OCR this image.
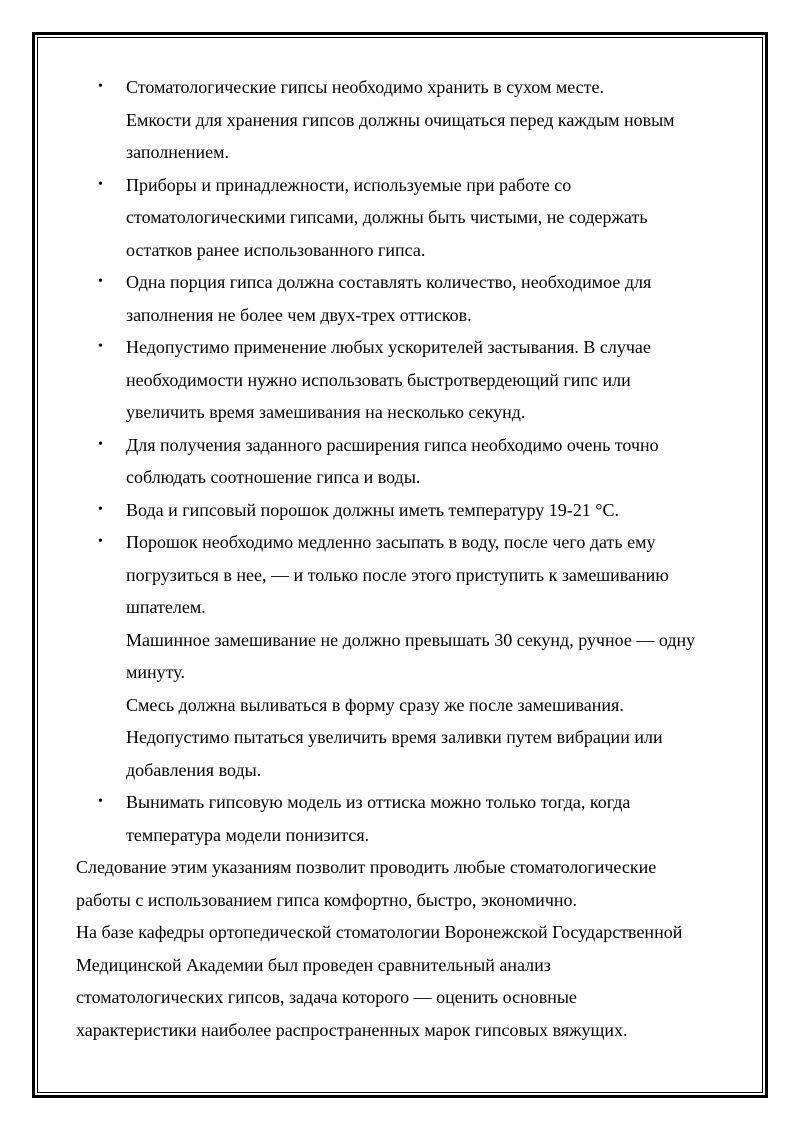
• Стоматологические гипсы необходимо хранить в сухом месте.
Емкости для хранения гипсов должны очищаться перед каждым новым
заполнением.
• Приборы и принадлежности, используемые при работе со
стоматологическими гипсами, должны быть чистыми, не содержать
остатков ранее использованного гипса.
• Одна порция гипса должна составлять количество, необходимое для
заполнения не более чем двух-трех оттисков.
• Недопустимо применение любых ускорителей застывания. В случае
необходимости нужно использовать быстротвердеющий гипс или
увеличить время замешивания на несколько секунд.
• Для получения заданного расширения гипса необходимо очень точно
соблюдать соотношение гипса и воды.
• Вода и гипсовый порошок должны иметь температуру 19-21 °С.
• Порошок необходимо медленно засыпать в воду, после чего дать ему
погрузиться в нее, — и только после этого приступить к замешиванию
шпателем.
Машинное замешивание не должно превышать 30 секунд, ручное — одну
минуту.
Смесь должна выливаться в форму сразу же после замешивания.
Недопустимо пытаться увеличить время заливки путем вибрации или
добавления воды.
• Вынимать гипсовую модель из оттиска можно только тогда, когда
температура модели понизится.
Следование этим указаниям позволит проводить любые стоматологические
работы с использованием гипса комфортно, быстро, экономично.
На базе кафедры ортопедической стоматологии Воронежской Государственной
Медицинской Академии был проведен сравнительный анализ
стоматологических гипсов, задача которого — оценить основные
характеристики наиболее распространенных марок гипсовых вяжущих.
